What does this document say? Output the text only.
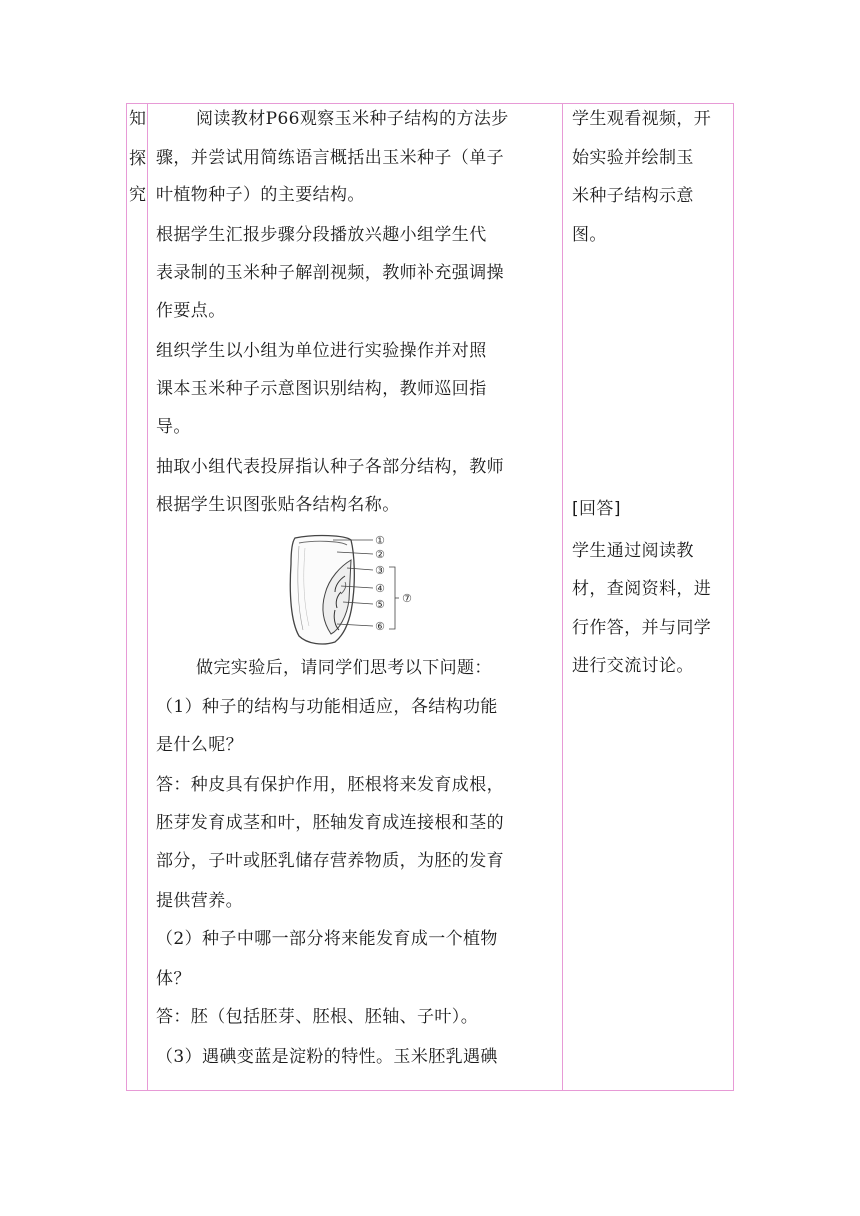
知
探
究
阅读教材P66观察玉米种子结构的方法步
骤，并尝试用简练语言概括出玉米种子（单子
叶植物种子）的主要结构。
根据学生汇报步骤分段播放兴趣小组学生代
表录制的玉米种子解剖视频，教师补充强调操
作要点。
组织学生以小组为单位进行实验操作并对照
课本玉米种子示意图识别结构，教师巡回指
导。
抽取小组代表投屏指认种子各部分结构，教师
根据学生识图张贴各结构名称。
做完实验后，请同学们思考以下问题：
（1）种子的结构与功能相适应，各结构功能
是什么呢？
答：种皮具有保护作用，胚根将来发育成根，
胚芽发育成茎和叶，胚轴发育成连接根和茎的
部分，子叶或胚乳储存营养物质，为胚的发育
提供营养。
（2）种子中哪一部分将来能发育成一个植物
体？
答：胚（包括胚芽、胚根、胚轴、子叶）。
（3）遇碘变蓝是淀粉的特性。玉米胚乳遇碘
学生观看视频，开
始实验并绘制玉
米种子结构示意
图。
[回答]
学生通过阅读教
材，查阅资料，进
行作答，并与同学
进行交流讨论。
①
②
③
④
⑤
⑥
⑦
